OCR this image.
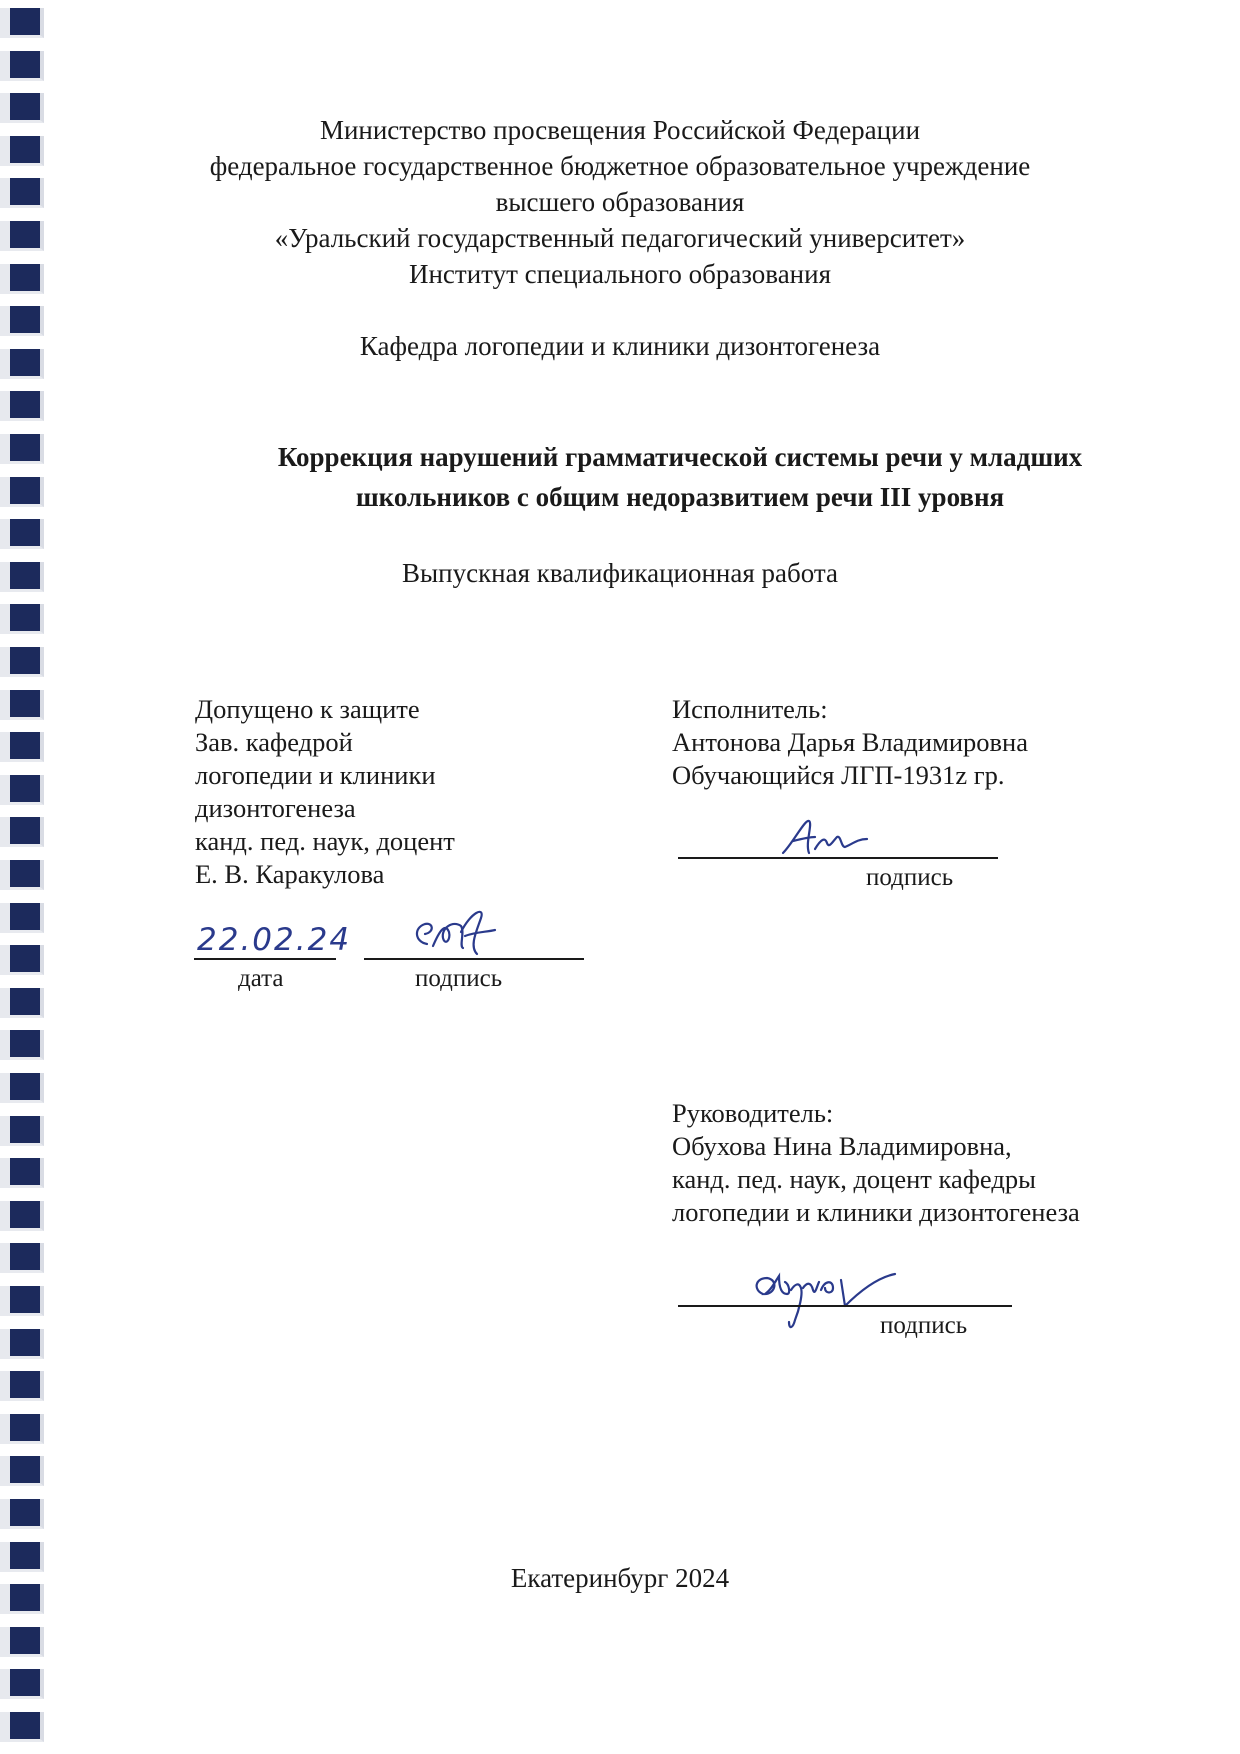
Министерство просвещения Российской Федерации
федеральное государственное бюджетное образовательное учреждение
высшего образования
«Уральский государственный педагогический университет»
Институт специального образования
Кафедра логопедии и клиники дизонтогенеза
Коррекция нарушений грамматической системы речи у младших
школьников с общим недоразвитием речи III уровня
Выпускная квалификационная работа
Допущено к защите
Зав. кафедрой
логопедии и клиники
дизонтогенеза
канд. пед. наук, доцент
Е. В. Каракулова
22.02.24
дата	подпись
Исполнитель:
Антонова Дарья Владимировна
Обучающийся ЛГП-1931z гр.
подпись
Руководитель:
Обухова Нина Владимировна,
канд. пед. наук, доцент кафедры
логопедии и клиники дизонтогенеза
подпись
Екатеринбург 2024
